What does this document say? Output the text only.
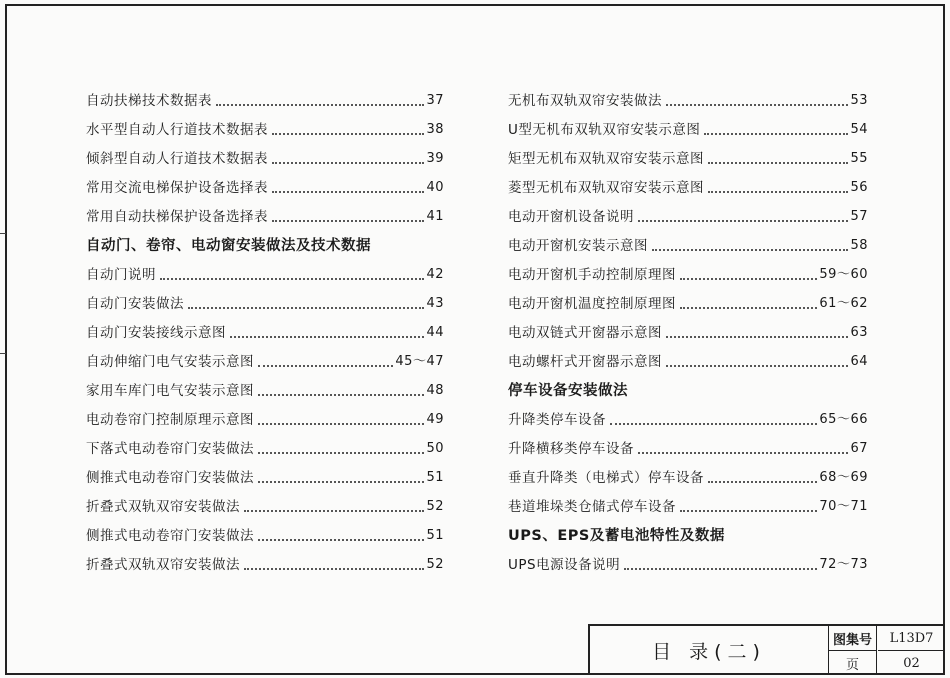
自动扶梯技术数据表	37
水平型自动人行道技术数据表	38
倾斜型自动人行道技术数据表	39
常用交流电梯保护设备选择表	40
常用自动扶梯保护设备选择表	41
自动门、卷帘、电动窗安装做法及技术数据
自动门说明	42
自动门安装做法	43
自动门安装接线示意图	44
自动伸缩门电气安装示意图	45～47
家用车库门电气安装示意图	48
电动卷帘门控制原理示意图	49
下落式电动卷帘门安装做法	50
侧推式电动卷帘门安装做法	51
折叠式双轨双帘安装做法	52
侧推式电动卷帘门安装做法	51
折叠式双轨双帘安装做法	52
无机布双轨双帘安装做法	53
U型无机布双轨双帘安装示意图	54
矩型无机布双轨双帘安装示意图	55
菱型无机布双轨双帘安装示意图	56
电动开窗机设备说明	57
电动开窗机安装示意图	58
电动开窗机手动控制原理图	59～60
电动开窗机温度控制原理图	61～62
电动双链式开窗器示意图	63
电动螺杆式开窗器示意图	64
停车设备安装做法
升降类停车设备	65～66
升降横移类停车设备	67
垂直升降类（电梯式）停车设备	68～69
巷道堆垛类仓储式停车设备	70～71
UPS、EPS及蓄电池特性及数据
UPS电源设备说明	72～73
目 录(二)
图集号	L13D7
页	02
